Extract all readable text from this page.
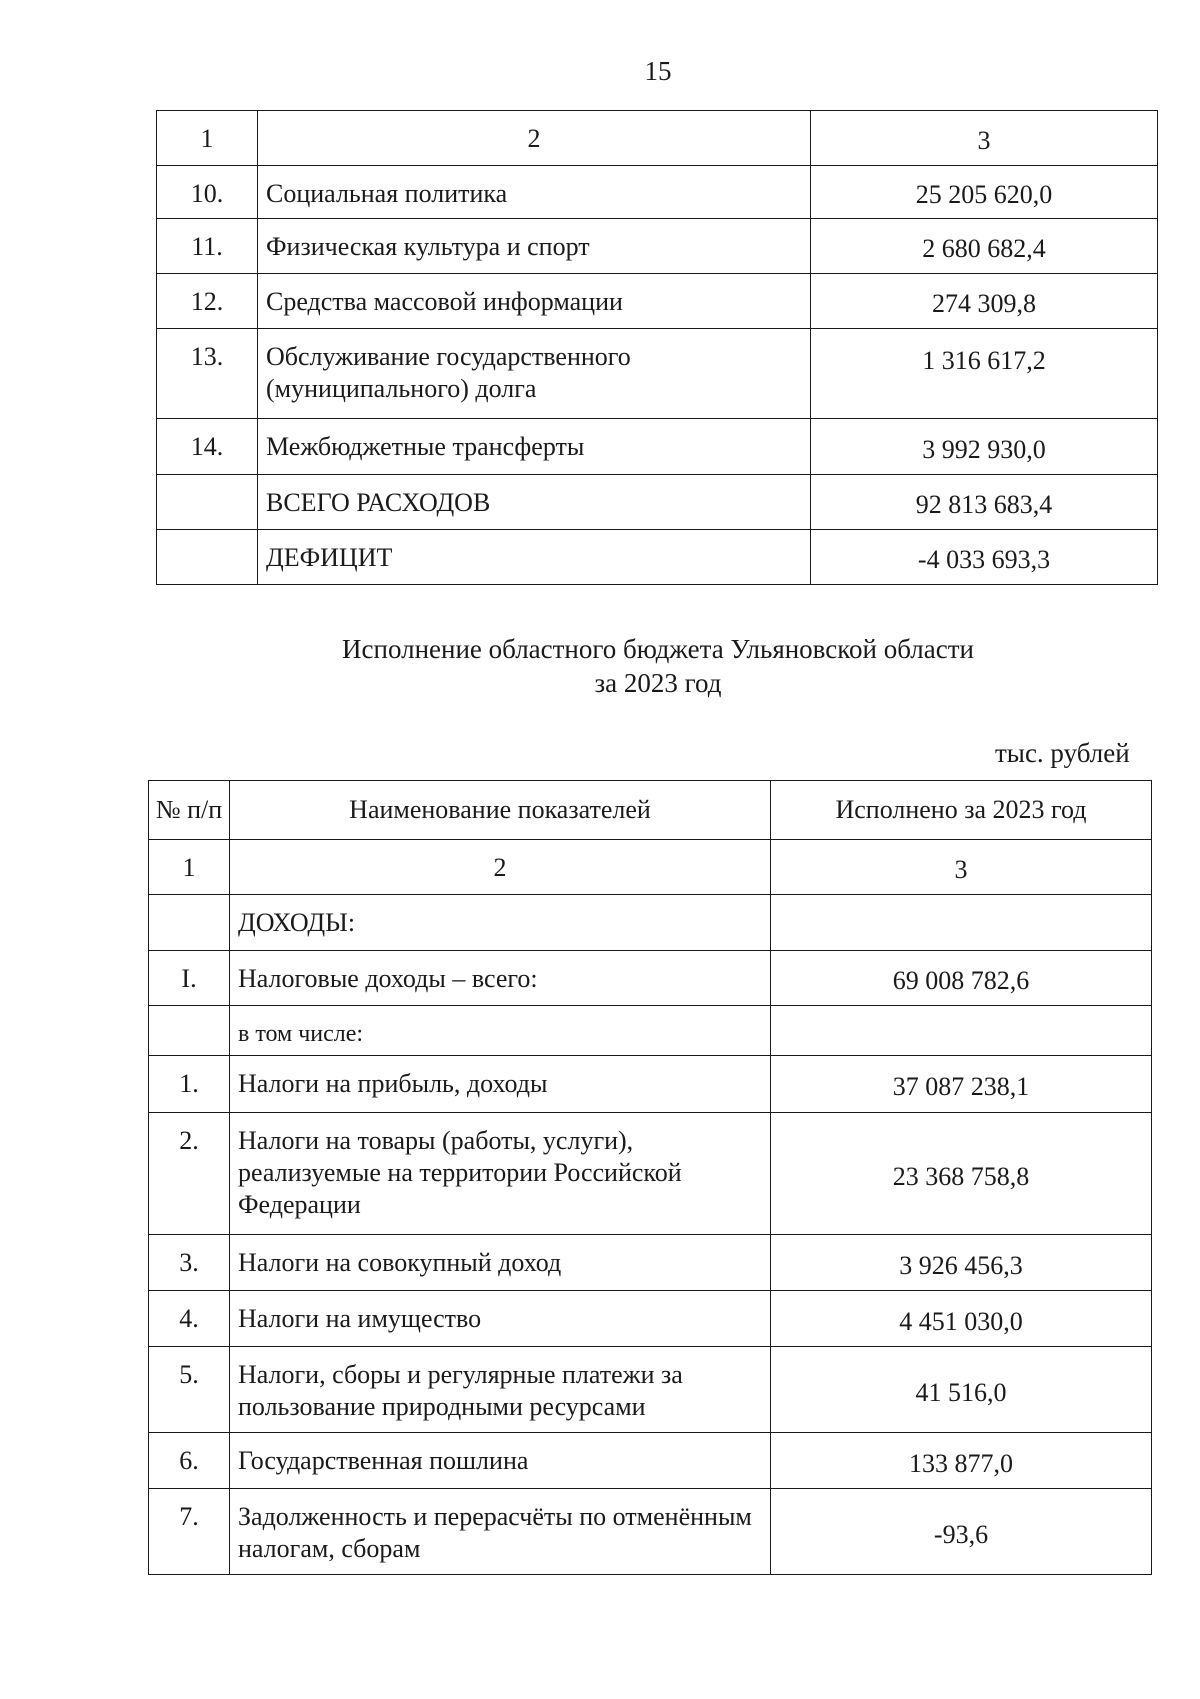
15
1	2	3
10.	Социальная политика	25 205 620,0
11.	Физическая культура и спорт	2 680 682,4
12.	Средства массовой информации	274 309,8
13.	Обслуживание государственного (муниципального) долга	1 316 617,2
14.	Межбюджетные трансферты	3 992 930,0
	ВСЕГО РАСХОДОВ	92 813 683,4
	ДЕФИЦИТ	-4 033 693,3
Исполнение областного бюджета Ульяновской области
за 2023 год
тыс. рублей
№ п/п	Наименование показателей	Исполнено за 2023 год
1	2	3
	ДОХОДЫ:	
I.	Налоговые доходы – всего:	69 008 782,6
	в том числе:	
1.	Налоги на прибыль, доходы	37 087 238,1
2.	Налоги на товары (работы, услуги), реализуемые на территории Российской Федерации	23 368 758,8
3.	Налоги на совокупный доход	3 926 456,3
4.	Налоги на имущество	4 451 030,0
5.	Налоги, сборы и регулярные платежи за пользование природными ресурсами	41 516,0
6.	Государственная пошлина	133 877,0
7.	Задолженность и перерасчёты по отменённым налогам, сборам	-93,6
